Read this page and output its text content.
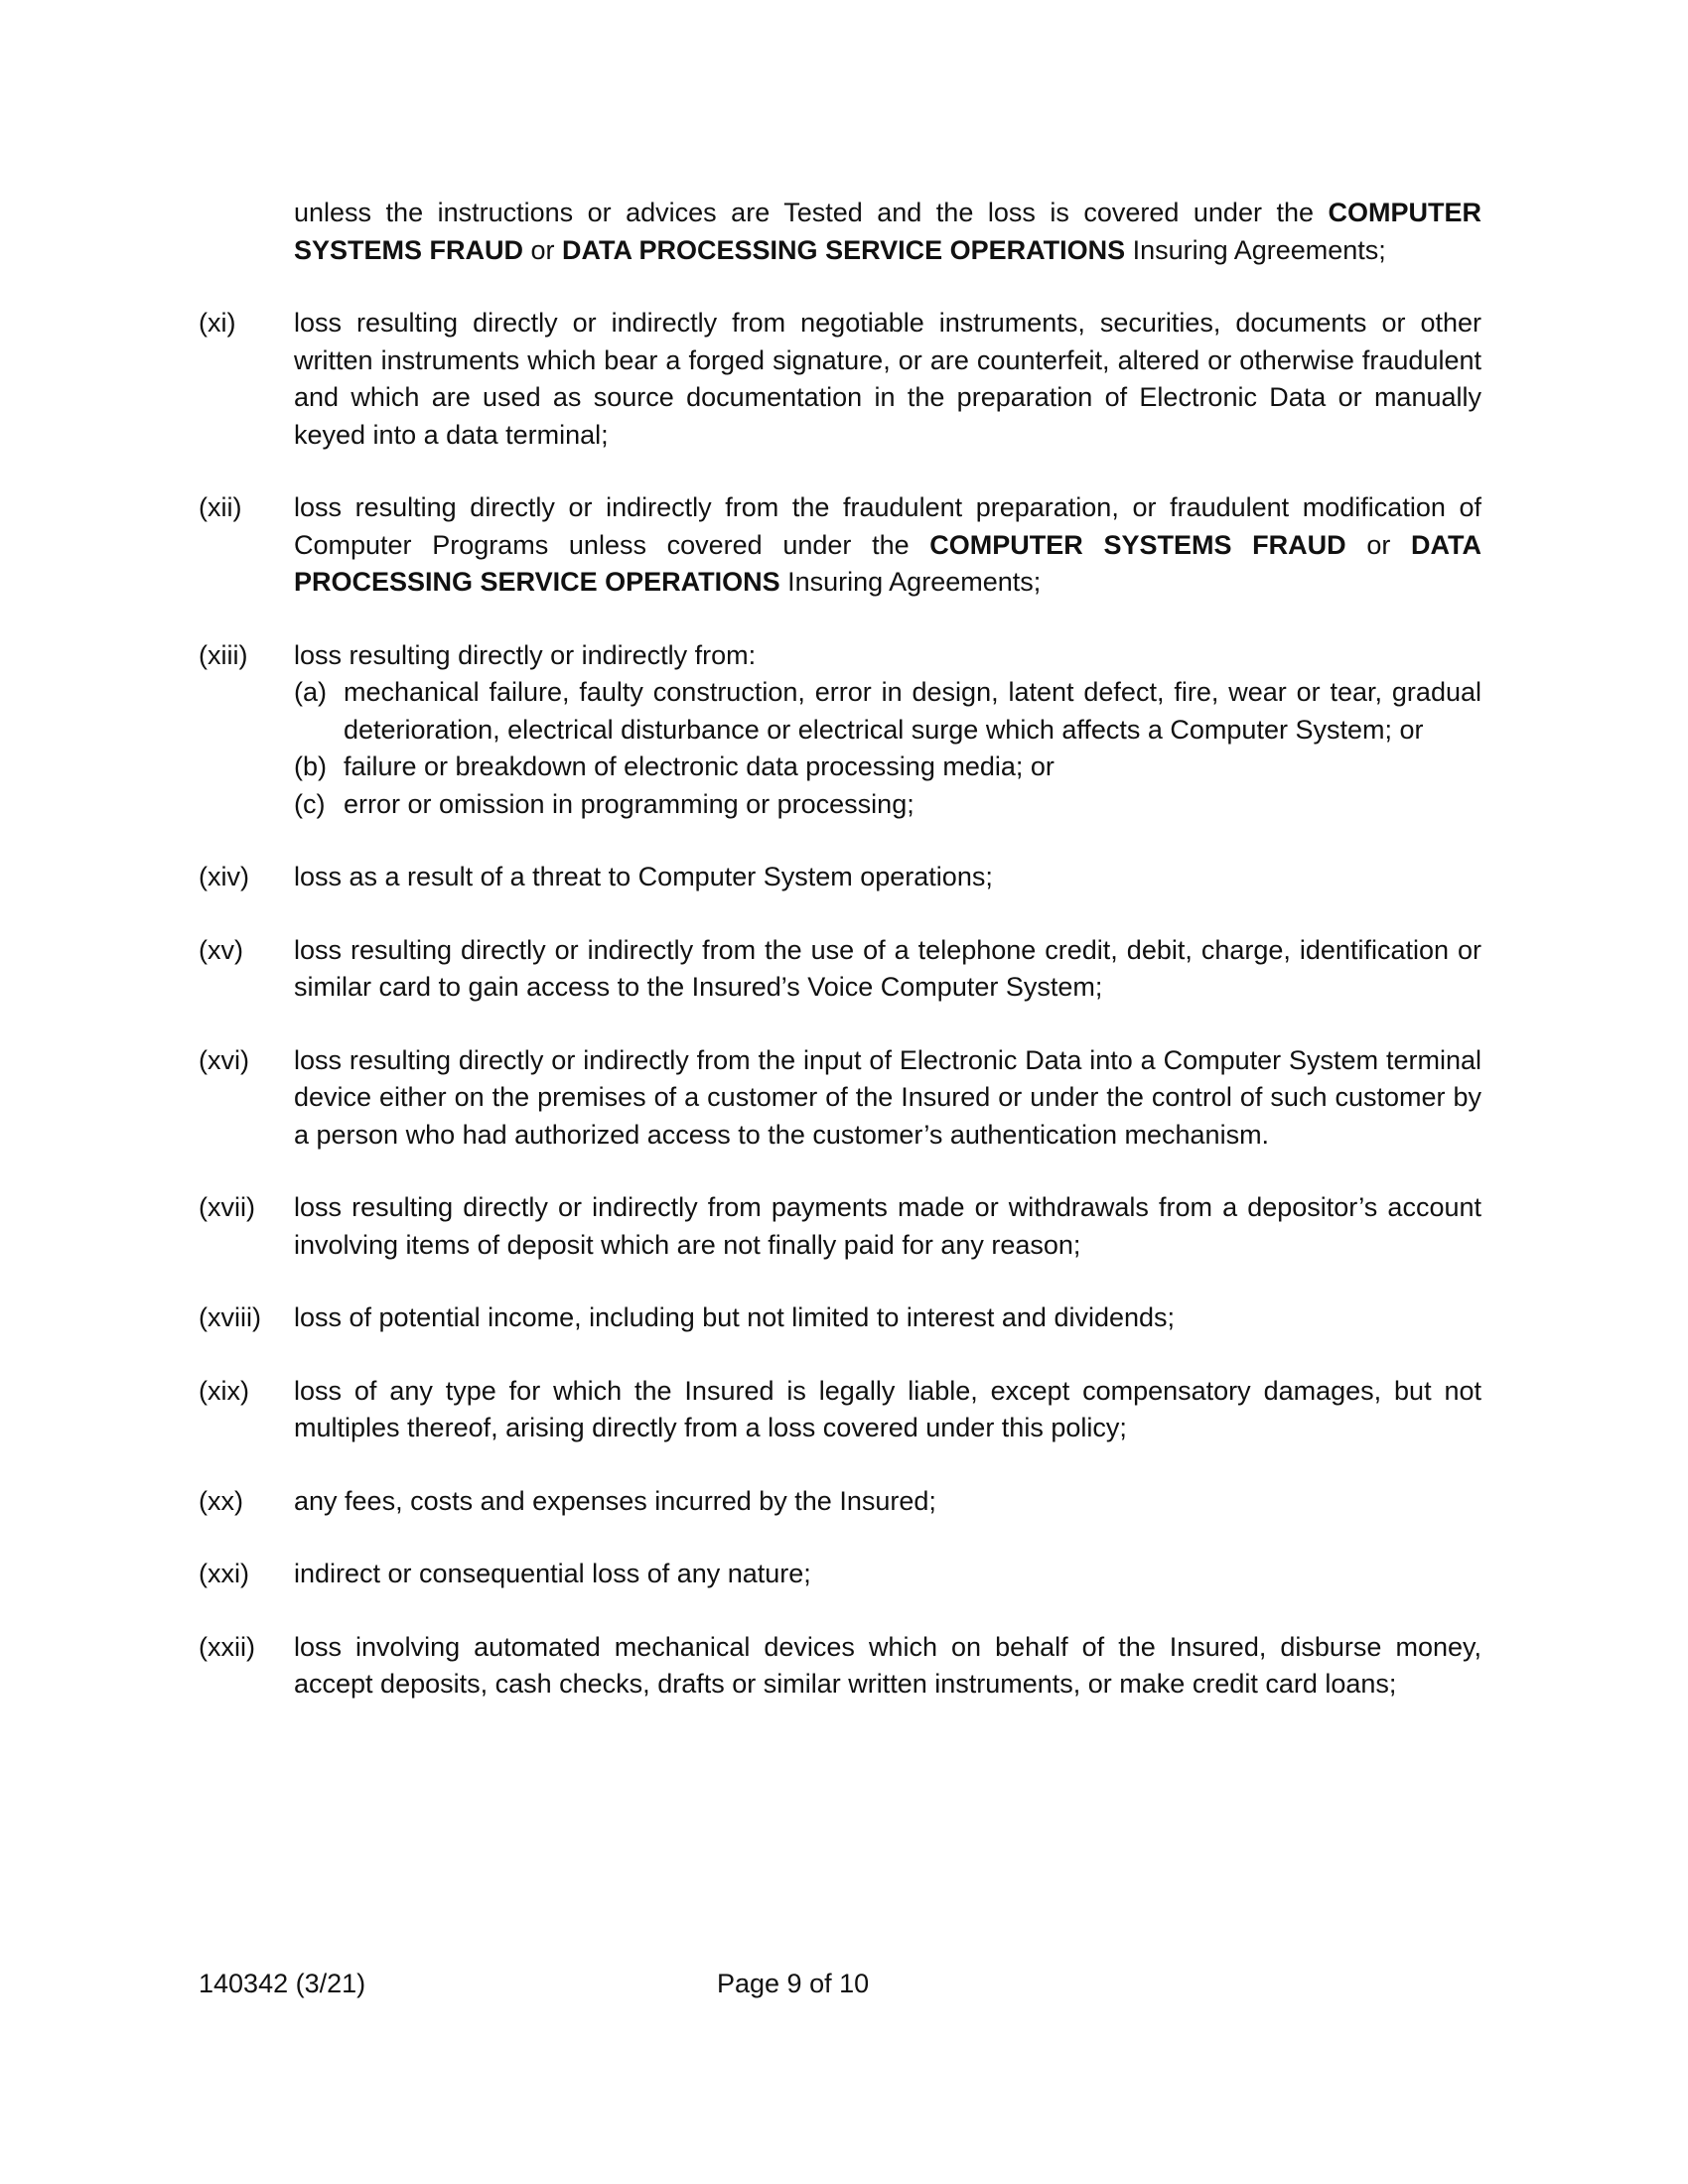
unless the instructions or advices are Tested and the loss is covered under the COMPUTER SYSTEMS FRAUD or DATA PROCESSING SERVICE OPERATIONS Insuring Agreements;

(xi) loss resulting directly or indirectly from negotiable instruments, securities, documents or other written instruments which bear a forged signature, or are counterfeit, altered or otherwise fraudulent and which are used as source documentation in the preparation of Electronic Data or manually keyed into a data terminal;
(xii) loss resulting directly or indirectly from the fraudulent preparation, or fraudulent modification of Computer Programs unless covered under the COMPUTER SYSTEMS FRAUD or DATA PROCESSING SERVICE OPERATIONS Insuring Agreements;
(xiii) loss resulting directly or indirectly from:
(a) mechanical failure, faulty construction, error in design, latent defect, fire, wear or tear, gradual deterioration, electrical disturbance or electrical surge which affects a Computer System; or
(b) failure or breakdown of electronic data processing media; or
(c) error or omission in programming or processing;
(xiv) loss as a result of a threat to Computer System operations;
(xv) loss resulting directly or indirectly from the use of a telephone credit, debit, charge, identification or similar card to gain access to the Insured’s Voice Computer System;
(xvi) loss resulting directly or indirectly from the input of Electronic Data into a Computer System terminal device either on the premises of a customer of the Insured or under the control of such customer by a person who had authorized access to the customer’s authentication mechanism.
(xvii) loss resulting directly or indirectly from payments made or withdrawals from a depositor’s account involving items of deposit which are not finally paid for any reason;
(xviii) loss of potential income, including but not limited to interest and dividends;
(xix) loss of any type for which the Insured is legally liable, except compensatory damages, but not multiples thereof, arising directly from a loss covered under this policy;
(xx) any fees, costs and expenses incurred by the Insured;
(xxi) indirect or consequential loss of any nature;
(xxii) loss involving automated mechanical devices which on behalf of the Insured, disburse money, accept deposits, cash checks, drafts or similar written instruments, or make credit card loans;
140342 (3/21)	Page 9 of 10
